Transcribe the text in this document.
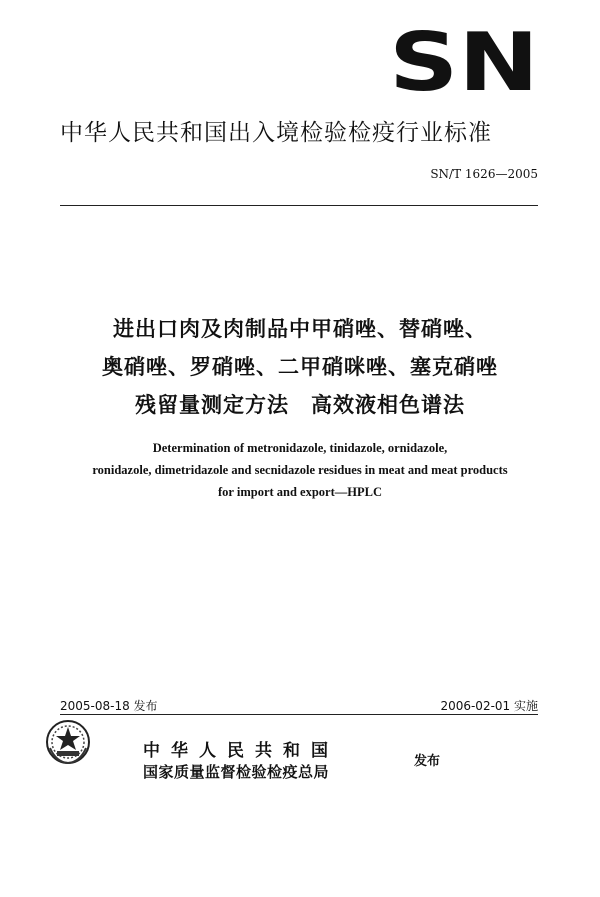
SN
中华人民共和国出入境检验检疫行业标准
SN/T 1626—2005
进出口肉及肉制品中甲硝唑、替硝唑、
奥硝唑、罗硝唑、二甲硝咪唑、塞克硝唑
残留量测定方法　高效液相色谱法
Determination of metronidazole, tinidazole, ornidazole,
ronidazole, dimetridazole and secnidazole residues in meat and meat products
for import and export—HPLC
2005-08-18 发布	2006-02-01 实施
中华人民共和国
国家质量监督检验检疫总局
发布
